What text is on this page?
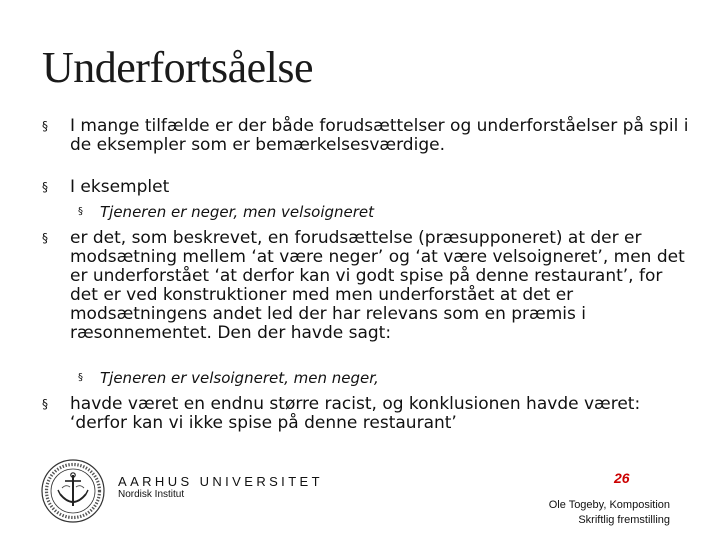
Underfortsåelse
§ I mange tilfælde er der både forudsættelser og underforståelser på spil i de eksempler som er bemærkelsesværdige.
§ I eksemplet
§ Tjeneren er neger, men velsoigneret
§ er det, som beskrevet, en forudsættelse (præsupponeret) at der er modsætning mellem ‘at være neger’ og ‘at være velsoigneret’, men det er underforstået ‘at derfor kan vi godt spise på denne restaurant’, for det er ved konstruktioner med men underforstået at det er modsætningens andet led der har relevans som en præmis i ræsonnementet. Den der havde sagt:
§ Tjeneren er velsoigneret, men neger,
§ havde været en endnu større racist, og konklusionen havde været: ‘derfor kan vi ikke spise på denne restaurant’
AARHUS UNIVERSITET
Nordisk Institut
26
Ole Togeby, Komposition
Skriftlig fremstilling
